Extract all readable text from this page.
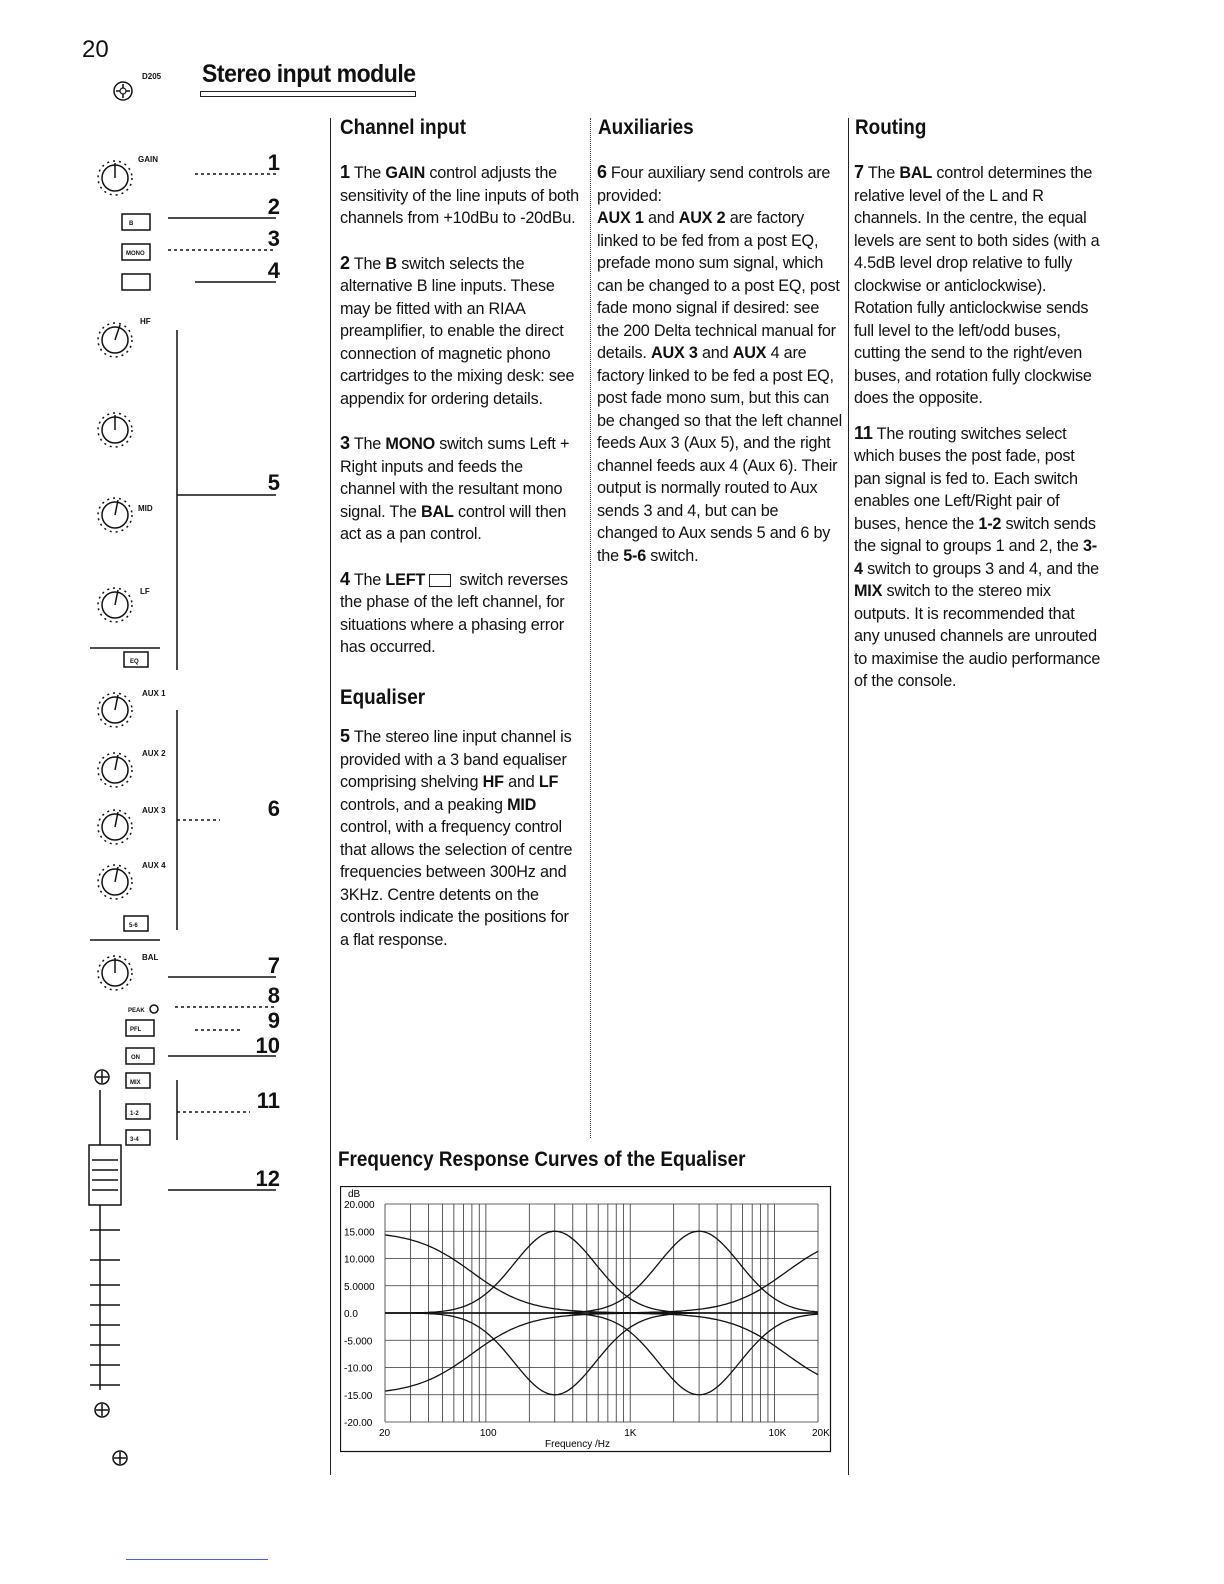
20
D205 Stereo input module
GAIN
HF
MID
LF
AUX 1
AUX 2
AUX 3
AUX 4
BAL
B
MONO
EQ
5-6
PEAK
PFL
ON
MIX
1-2
3-4
1
2
3
4
5
6
7
8
9
10
11
12
Channel input

1 The GAIN control adjusts the sensitivity of the line inputs of both channels from +10dBu to -20dBu.

2 The B switch selects the alternative B line inputs. These may be fitted with an RIAA preamplifier, to enable the direct connection of magnetic phono cartridges to the mixing desk: see appendix for ordering details.

3 The MONO switch sums Left + Right inputs and feeds the channel with the resultant mono signal. The BAL control will then act as a pan control.

4 The LEFT switch reverses the phase of the left channel, for situations where a phasing error has occurred.

Equaliser

5 The stereo line input channel is provided with a 3 band equaliser comprising shelving HF and LF controls, and a peaking MID control, with a frequency control that allows the selection of centre frequencies between 300Hz and 3KHz. Centre detents on the controls indicate the positions for a flat response.

Auxiliaries

6 Four auxiliary send controls are provided:
AUX 1 and AUX 2 are factory linked to be fed from a post EQ, prefade mono sum signal, which can be changed to a post EQ, post fade mono signal if desired: see the 200 Delta technical manual for details. AUX 3 and AUX 4 are factory linked to be fed a post EQ, post fade mono sum, but this can be changed so that the left channel feeds Aux 3 (Aux 5), and the right channel feeds aux 4 (Aux 6). Their output is normally routed to Aux sends 3 and 4, but can be changed to Aux sends 5 and 6 by the 5-6 switch.

Routing

7 The BAL control determines the relative level of the L and R channels. In the centre, the equal levels are sent to both sides (with a 4.5dB level drop relative to fully clockwise or anticlockwise). Rotation fully anticlockwise sends full level to the left/odd buses, cutting the send to the right/even buses, and rotation fully clockwise does the opposite.

11 The routing switches select which buses the post fade, post pan signal is fed to. Each switch enables one Left/Right pair of buses, hence the 1-2 switch sends the signal to groups 1 and 2, the 3-4 switch to groups 3 and 4, and the MIX switch to the stereo mix outputs. It is recommended that any unused channels are unrouted to maximise the audio performance of the console.

Frequency Response Curves of the Equaliser
20.000
15.000
10.000
5.0000
0.0
-5.000
-10.00
-15.00
-20.00
20	100	1K	10K	20K
dB
Frequency /Hz
